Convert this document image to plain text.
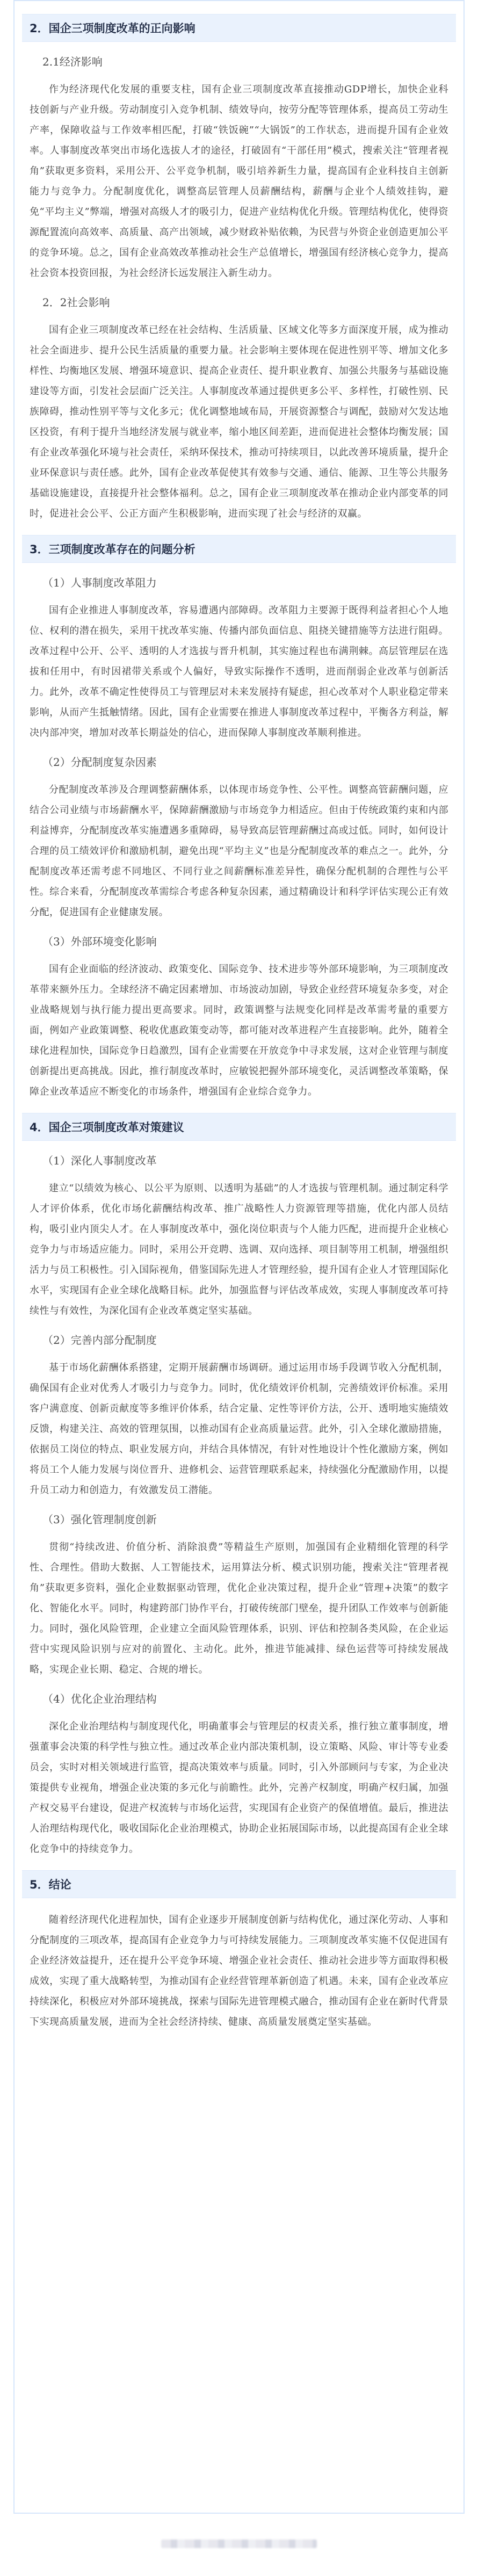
2．国企三项制度改革的正向影响
2.1经济影响

作为经济现代化发展的重要支柱，国有企业三项制度改革直接推动GDP增长，加快企业科技创新与产业升级。劳动制度引入竞争机制、绩效导向，按劳分配等管理体系，提高员工劳动生产率，保障收益与工作效率相匹配，打破“铁饭碗”“大锅饭”的工作状态，进而提升国有企业效率。人事制度改革突出市场化选拔人才的途径，打破固有“干部任用”模式，搜索关注“管理者视角”获取更多资料，采用公开、公平竞争机制，吸引培养新生力量，提高国有企业科技自主创新能力与竞争力。分配制度优化，调整高层管理人员薪酬结构，薪酬与企业个人绩效挂钩，避免“平均主义”弊端，增强对高级人才的吸引力，促进产业结构优化升级。管理结构优化，使得资源配置流向高效率、高质量、高产出领域，减少财政补贴依赖，为民营与外资企业创造更加公平的竞争环境。总之，国有企业高效改革推动社会生产总值增长，增强国有经济核心竞争力，提高社会资本投资回报，为社会经济长远发展注入新生动力。

2．2社会影响

国有企业三项制度改革已经在社会结构、生活质量、区域文化等多方面深度开展，成为推动社会全面进步、提升公民生活质量的重要力量。社会影响主要体现在促进性别平等、增加文化多样性、均衡地区发展、增强环境意识、提高企业责任、提升职业教育、加强公共服务与基础设施建设等方面，引发社会层面广泛关注。人事制度改革通过提供更多公平、多样性，打破性别、民族障碍，推动性别平等与文化多元；优化调整地域布局，开展资源整合与调配，鼓励对欠发达地区投资，有利于提升当地经济发展与就业率，缩小地区间差距，进而促进社会整体均衡发展；国有企业改革强化环境与社会责任，采纳环保技术，推动可持续项目，以此改善环境质量，提升企业环保意识与责任感。此外，国有企业改革促使其有效参与交通、通信、能源、卫生等公共服务基础设施建设，直接提升社会整体福利。总之，国有企业三项制度改革在推动企业内部变革的同时，促进社会公平、公正方面产生积极影响，进而实现了社会与经济的双赢。

3．三项制度改革存在的问题分析
（1）人事制度改革阻力

国有企业推进人事制度改革，容易遭遇内部障碍。改革阻力主要源于既得利益者担心个人地位、权利的潜在损失，采用干扰改革实施、传播内部负面信息、阻挠关键措施等方法进行阻碍。改革过程中公开、公平、透明的人才选拔与晋升机制，其实施过程也布满荆棘。高层管理层在选拔和任用中，有时因裙带关系或个人偏好，导致实际操作不透明，进而削弱企业改革与创新活力。此外，改革不确定性使得员工与管理层对未来发展持有疑虑，担心改革对个人职业稳定带来影响，从而产生抵触情绪。因此，国有企业需要在推进人事制度改革过程中，平衡各方利益，解决内部冲突，增加对改革长期益处的信心，进而保障人事制度改革顺利推进。

（2）分配制度复杂因素

分配制度改革涉及合理调整薪酬体系，以体现市场竞争性、公平性。调整高管薪酬问题，应结合公司业绩与市场薪酬水平，保障薪酬激励与市场竞争力相适应。但由于传统政策约束和内部利益博弈，分配制度改革实施遭遇多重障碍，易导致高层管理薪酬过高或过低。同时，如何设计合理的员工绩效评价和激励机制，避免出现“平均主义”也是分配制度改革的难点之一。此外，分配制度改革还需考虑不同地区、不同行业之间薪酬标准差异性，确保分配机制的合理性与公平性。综合来看，分配制度改革需综合考虑各种复杂因素，通过精确设计和科学评估实现公正有效分配，促进国有企业健康发展。

（3）外部环境变化影响

国有企业面临的经济波动、政策变化、国际竞争、技术进步等外部环境影响，为三项制度改革带来额外压力。全球经济不确定因素增加、市场波动加剧，导致企业经营环境复杂多变，对企业战略规划与执行能力提出更高要求。同时，政策调整与法规变化同样是改革需考量的重要方面，例如产业政策调整、税收优惠政策变动等，都可能对改革进程产生直接影响。此外，随着全球化进程加快，国际竞争日趋激烈，国有企业需要在开放竞争中寻求发展，这对企业管理与制度创新提出更高挑战。因此，推行制度改革时，应敏锐把握外部环境变化，灵活调整改革策略，保障企业改革适应不断变化的市场条件，增强国有企业综合竞争力。

4．国企三项制度改革对策建议
（1）深化人事制度改革

建立“以绩效为核心、以公平为原则、以透明为基础”的人才选拔与管理机制。通过制定科学人才评价体系，优化市场化薪酬结构改革、推广战略性人力资源管理等措施，优化内部人员结构，吸引业内顶尖人才。在人事制度改革中，强化岗位职责与个人能力匹配，进而提升企业核心竞争力与市场适应能力。同时，采用公开竞聘、选调、双向选择、项目制等用工机制，增强组织活力与员工积极性。引入国际视角，借鉴国际先进人才管理经验，提升国有企业人才管理国际化水平，实现国有企业全球化战略目标。此外，加强监督与评估改革成效，实现人事制度改革可持续性与有效性，为深化国有企业改革奠定坚实基础。

（2）完善内部分配制度

基于市场化薪酬体系搭建，定期开展薪酬市场调研。通过运用市场手段调节收入分配机制，确保国有企业对优秀人才吸引力与竞争力。同时，优化绩效评价机制，完善绩效评价标准。采用客户满意度、创新贡献度等多维评价体系，结合定量、定性等评价方法，公开、透明地实施绩效反馈，构建关注、高效的管理氛围，以推动国有企业高质量运营。此外，引入全球化激励措施，依据员工岗位的特点、职业发展方向，并结合具体情况，有针对性地设计个性化激励方案，例如将员工个人能力发展与岗位晋升、进修机会、运营管理联系起来，持续强化分配激励作用，以提升员工动力和创造力，有效激发员工潜能。

（3）强化管理制度创新

贯彻“持续改进、价值分析、消除浪费”等精益生产原则，加强国有企业精细化管理的科学性、合理性。借助大数据、人工智能技术，运用算法分析、模式识别功能，搜索关注“管理者视角”获取更多资料，强化企业数据驱动管理，优化企业决策过程，提升企业“管理+决策”的数字化、智能化水平。同时，构建跨部门协作平台，打破传统部门壁垒，提升团队工作效率与创新能力。同时，强化风险管理，企业建立全面风险管理体系，识别、评估和控制各类风险，在企业运营中实现风险识别与应对的前置化、主动化。此外，推进节能减排、绿色运营等可持续发展战略，实现企业长期、稳定、合规的增长。

（4）优化企业治理结构

深化企业治理结构与制度现代化，明确董事会与管理层的权责关系，推行独立董事制度，增强董事会决策的科学性与独立性。通过改革企业内部决策机制，设立策略、风险、审计等专业委员会，实时对相关领域进行监管，提高决策效率与质量。同时，引入外部顾问与专家，为企业决策提供专业视角，增强企业决策的多元化与前瞻性。此外，完善产权制度，明确产权归属，加强产权交易平台建设，促进产权流转与市场化运营，实现国有企业资产的保值增值。最后，推进法人治理结构现代化，吸收国际化企业治理模式，协助企业拓展国际市场，以此提高国有企业全球化竞争中的持续竞争力。

5．结论

随着经济现代化进程加快，国有企业逐步开展制度创新与结构优化，通过深化劳动、人事和分配制度的三项改革，提高国有企业竞争力与可持续发展能力。三项制度改革实施不仅促进国有企业经济效益提升，还在提升公平竞争环境、增强企业社会责任、推动社会进步等方面取得积极成效，实现了重大战略转型，为推动国有企业经营管理革新创造了机遇。未来，国有企业改革应持续深化，积极应对外部环境挑战，探索与国际先进管理模式融合，推动国有企业在新时代背景下实现高质量发展，进而为全社会经济持续、健康、高质量发展奠定坚实基础。
